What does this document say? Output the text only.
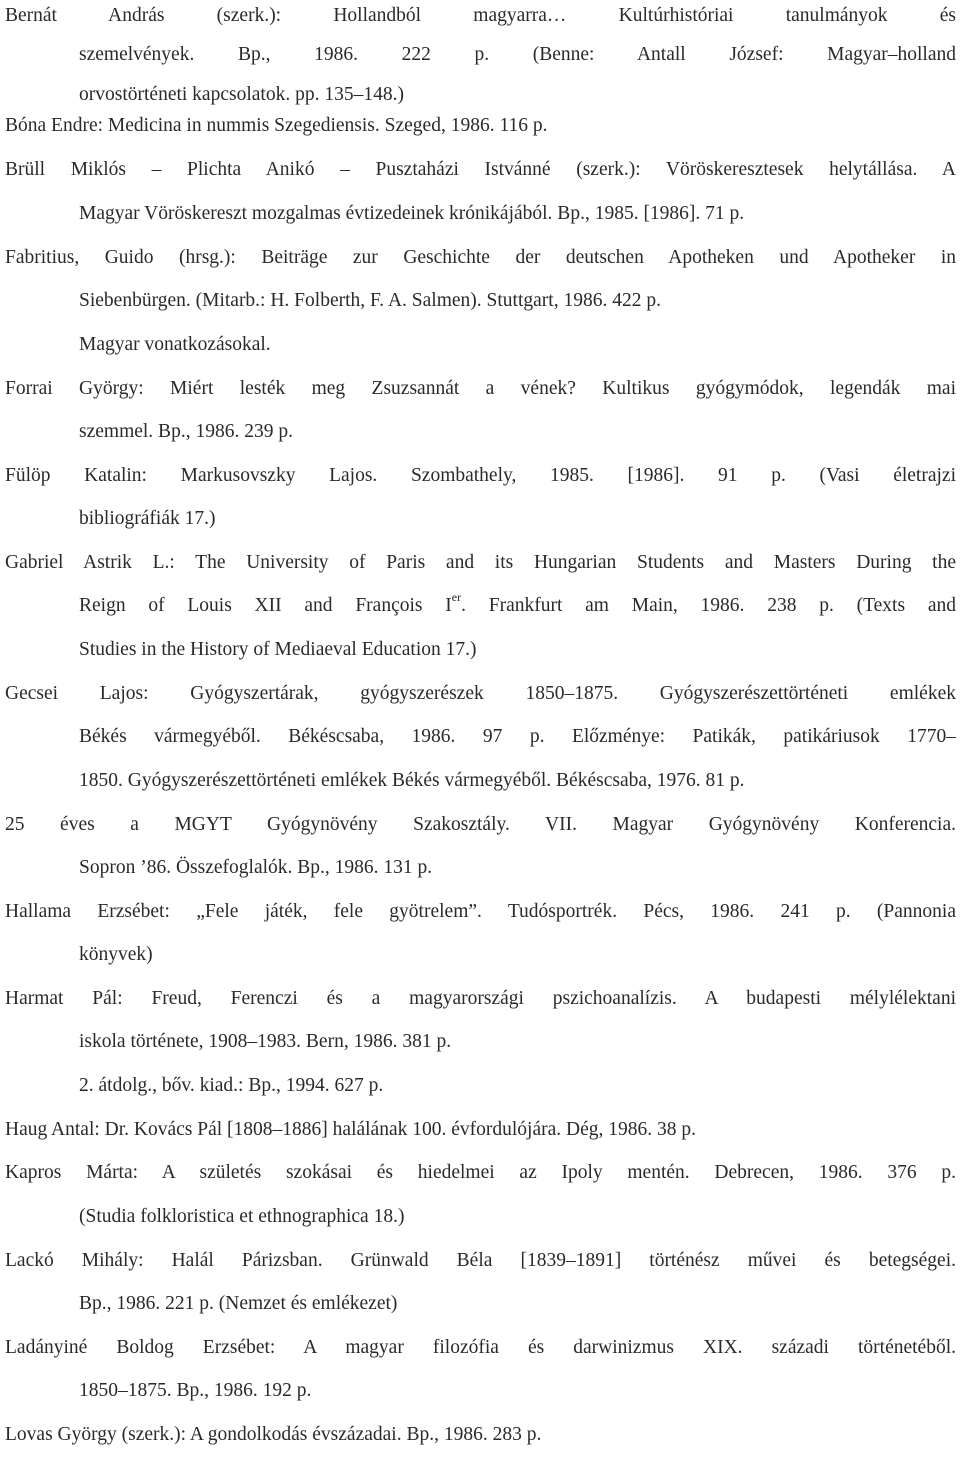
Bernát András (szerk.): Hollandból magyarra… Kultúrhistóriai tanulmányok és
szemelvények. Bp., 1986. 222 p. (Benne: Antall József: Magyar–holland
orvostörténeti kapcsolatok. pp. 135–148.)
Bóna Endre: Medicina in nummis Szegediensis. Szeged, 1986. 116 p.
Brüll Miklós – Plichta Anikó – Pusztaházi Istvánné (szerk.): Vöröskeresztesek helytállása. A
Magyar Vöröskereszt mozgalmas évtizedeinek krónikájából. Bp., 1985. [1986]. 71 p.
Fabritius, Guido (hrsg.): Beiträge zur Geschichte der deutschen Apotheken und Apotheker in
Siebenbürgen. (Mitarb.: H. Folberth, F. A. Salmen). Stuttgart, 1986. 422 p.
Magyar vonatkozásokal.
Forrai György: Miért lesték meg Zsuzsannát a vének? Kultikus gyógymódok, legendák mai
szemmel. Bp., 1986. 239 p.
Fülöp Katalin: Markusovszky Lajos. Szombathely, 1985. [1986]. 91 p. (Vasi életrajzi
bibliográfiák 17.)
Gabriel Astrik L.: The University of Paris and its Hungarian Students and Masters During the
Reign of Louis XII and François Ier. Frankfurt am Main, 1986. 238 p. (Texts and
Studies in the History of Mediaeval Education 17.)
Gecsei Lajos: Gyógyszertárak, gyógyszerészek 1850–1875. Gyógyszerészettörténeti emlékek
Békés vármegyéből. Békéscsaba, 1986. 97 p. Előzménye: Patikák, patikáriusok 1770–
1850. Gyógyszerészettörténeti emlékek Békés vármegyéből. Békéscsaba, 1976. 81 p.
25 éves a MGYT Gyógynövény Szakosztály. VII. Magyar Gyógynövény Konferencia.
Sopron ’86. Összefoglalók. Bp., 1986. 131 p.
Hallama Erzsébet: „Fele játék, fele gyötrelem”. Tudósportrék. Pécs, 1986. 241 p. (Pannonia
könyvek)
Harmat Pál: Freud, Ferenczi és a magyarországi pszichoanalízis. A budapesti mélylélektani
iskola története, 1908–1983. Bern, 1986. 381 p.
2. átdolg., bőv. kiad.: Bp., 1994. 627 p.
Haug Antal: Dr. Kovács Pál [1808–1886] halálának 100. évfordulójára. Dég, 1986. 38 p.
Kapros Márta: A születés szokásai és hiedelmei az Ipoly mentén. Debrecen, 1986. 376 p.
(Studia folkloristica et ethnographica 18.)
Lackó Mihály: Halál Párizsban. Grünwald Béla [1839–1891] történész művei és betegségei.
Bp., 1986. 221 p. (Nemzet és emlékezet)
Ladányiné Boldog Erzsébet: A magyar filozófia és darwinizmus XIX. századi történetéből.
1850–1875. Bp., 1986. 192 p.
Lovas György (szerk.): A gondolkodás évszázadai. Bp., 1986. 283 p.
